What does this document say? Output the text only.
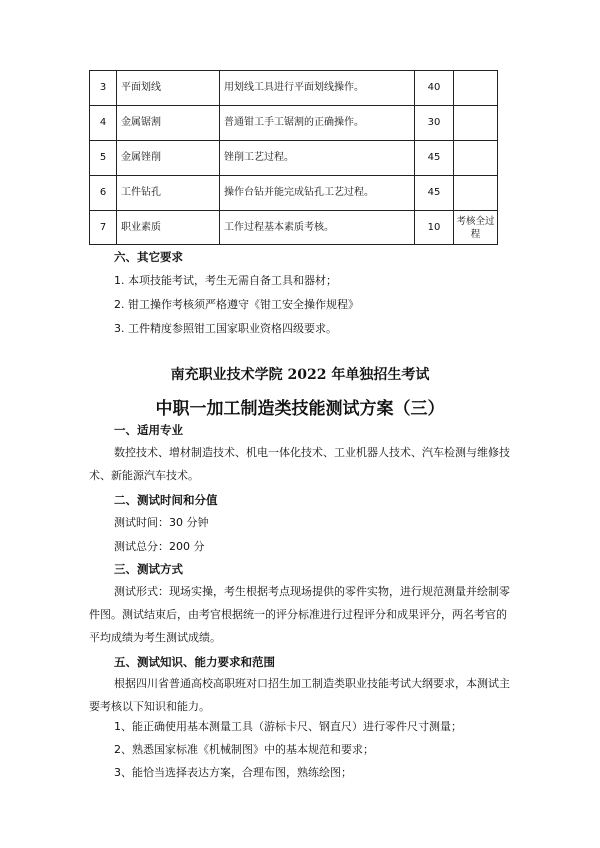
3	平面划线	用划线工具进行平面划线操作。	40	
4	金属锯割	普通钳工手工锯割的正确操作。	30	
5	金属锉削	锉削工艺过程。	45	
6	工件钻孔	操作台钻并能完成钻孔工艺过程。	45	
7	职业素质	工作过程基本素质考核。	10	考核全过程
六、其它要求
1. 本项技能考试，考生无需自备工具和器材；
2. 钳工操作考核须严格遵守《钳工安全操作规程》
3. 工件精度参照钳工国家职业资格四级要求。
南充职业技术学院 2022 年单独招生考试
中职一加工制造类技能测试方案（三）
一、适用专业
数控技术、增材制造技术、机电一体化技术、工业机器人技术、汽车检测与维修技术、新能源汽车技术。
二、测试时间和分值
测试时间：30 分钟
测试总分：200 分
三、测试方式
测试形式：现场实操，考生根据考点现场提供的零件实物，进行规范测量并绘制零件图。测试结束后，由考官根据统一的评分标准进行过程评分和成果评分，两名考官的平均成绩为考生测试成绩。
五、测试知识、能力要求和范围
根据四川省普通高校高职班对口招生加工制造类职业技能考试大纲要求，本测试主要考核以下知识和能力。
1、能正确使用基本测量工具（游标卡尺、钢直尺）进行零件尺寸测量；
2、熟悉国家标准《机械制图》中的基本规范和要求；
3、能恰当选择表达方案，合理布图，熟练绘图；
